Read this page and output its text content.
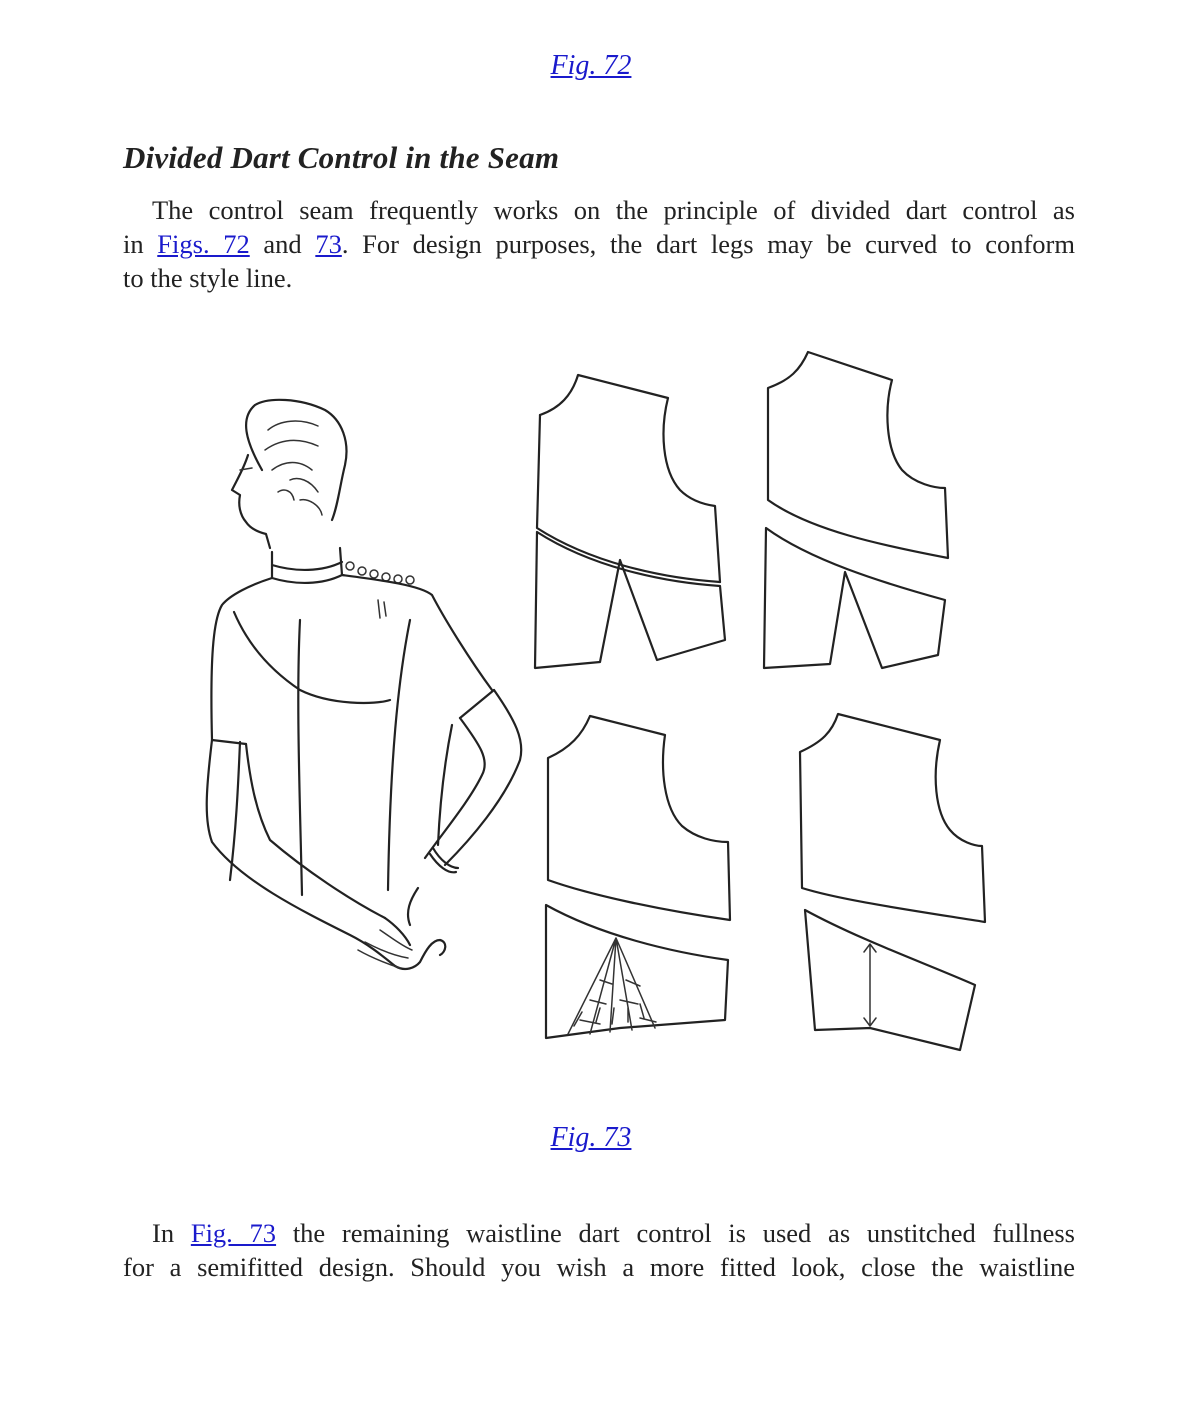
Fig. 72
Divided Dart Control in the Seam

The control seam frequently works on the principle of divided dart control as
in Figs. 72 and 73. For design purposes, the dart legs may be curved to conform
to the style line.

Fig. 73

In Fig. 73 the remaining waistline dart control is used as unstitched fullness
for a semifitted design. Should you wish a more fitted look, close the waistline
